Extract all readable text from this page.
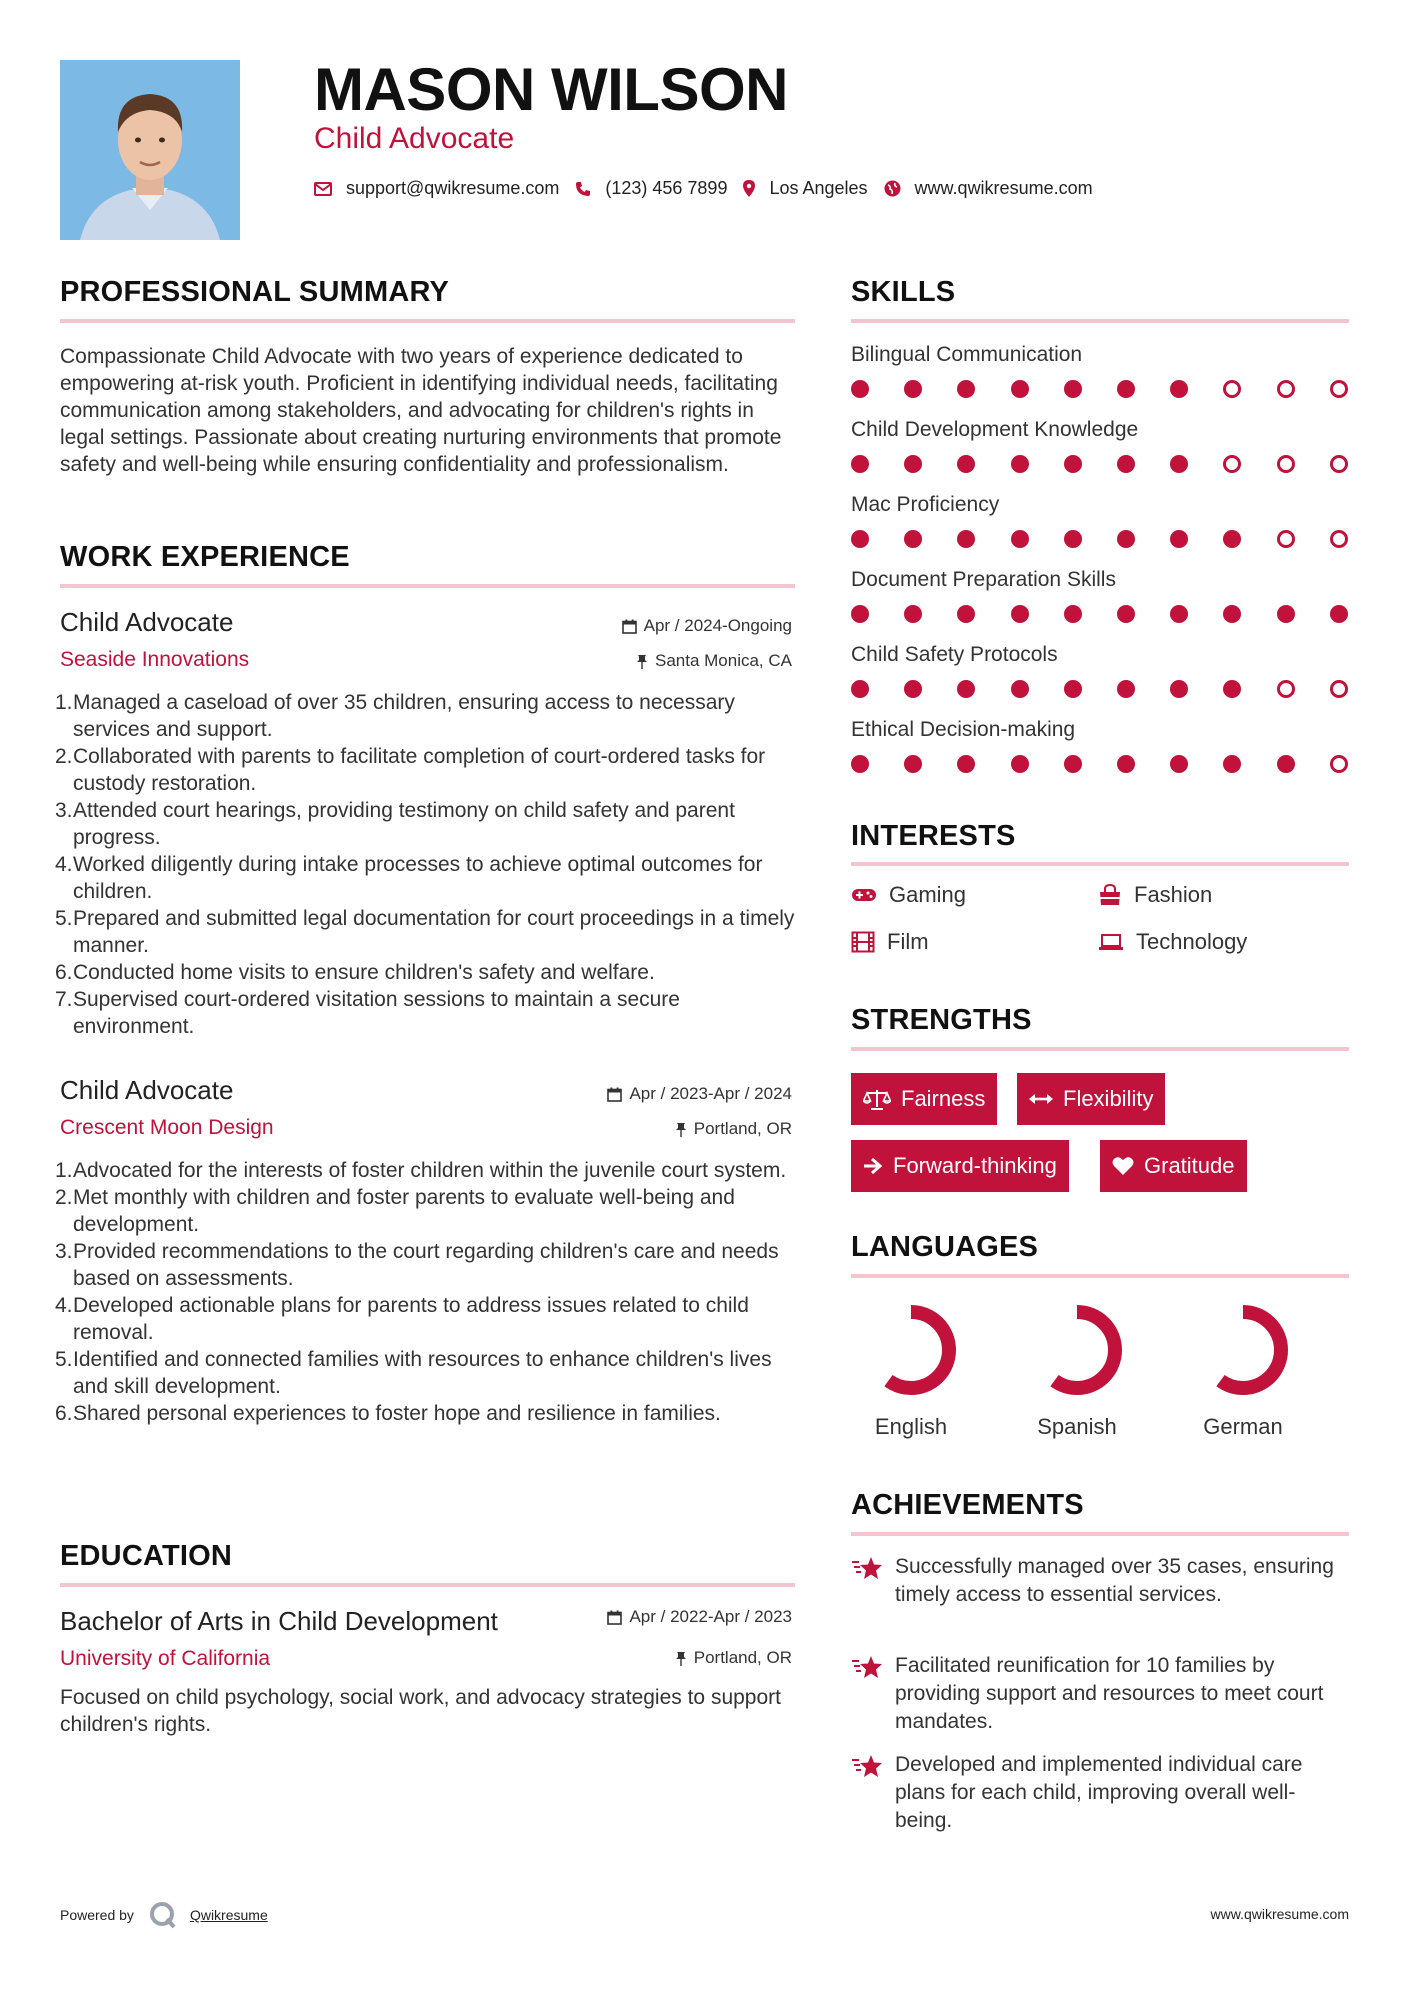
MASON WILSON
Child Advocate
support@qwikresume.com	(123) 456 7899 Los Angeles	www.qwikresume.com
PROFESSIONAL SUMMARY
Compassionate Child Advocate with two years of experience dedicated to empowering at-risk youth. Proficient in identifying individual needs, facilitating communication among stakeholders, and advocating for children's rights in legal settings. Passionate about creating nurturing environments that promote safety and well-being while ensuring confidentiality and professionalism.
WORK EXPERIENCE
Child Advocate
Seaside Innovations
Apr / 2024-Ongoing
Santa Monica, CA
1. Managed a caseload of over 35 children, ensuring access to necessary services and support.
2. Collaborated with parents to facilitate completion of court-ordered tasks for custody restoration.
3. Attended court hearings, providing testimony on child safety and parent progress.
4. Worked diligently during intake processes to achieve optimal outcomes for children.
5. Prepared and submitted legal documentation for court proceedings in a timely manner.
6. Conducted home visits to ensure children's safety and welfare.
7. Supervised court-ordered visitation sessions to maintain a secure environment.
Child Advocate
Crescent Moon Design
Apr / 2023-Apr / 2024
Portland, OR
1. Advocated for the interests of foster children within the juvenile court system.
2. Met monthly with children and foster parents to evaluate well-being and development.
3. Provided recommendations to the court regarding children's care and needs based on assessments.
4. Developed actionable plans for parents to address issues related to child removal.
5. Identified and connected families with resources to enhance children's lives and skill development.
6. Shared personal experiences to foster hope and resilience in families.
EDUCATION
Bachelor of Arts in Child Development
University of California
Apr / 2022-Apr / 2023
Portland, OR
Focused on child psychology, social work, and advocacy strategies to support children's rights.
SKILLS
Bilingual Communication
Child Development Knowledge
Mac Proficiency
Document Preparation Skills
Child Safety Protocols
Ethical Decision-making
INTERESTS
Gaming	Fashion
Film	Technology
STRENGTHS
Fairness	Flexibility
Forward-thinking	Gratitude
LANGUAGES
English	Spanish	German
ACHIEVEMENTS
Successfully managed over 35 cases, ensuring timely access to essential services.
Facilitated reunification for 10 families by providing support and resources to meet court mandates.
Developed and implemented individual care plans for each child, improving overall well-being.
Powered by	Qwikresume	www.qwikresume.com
